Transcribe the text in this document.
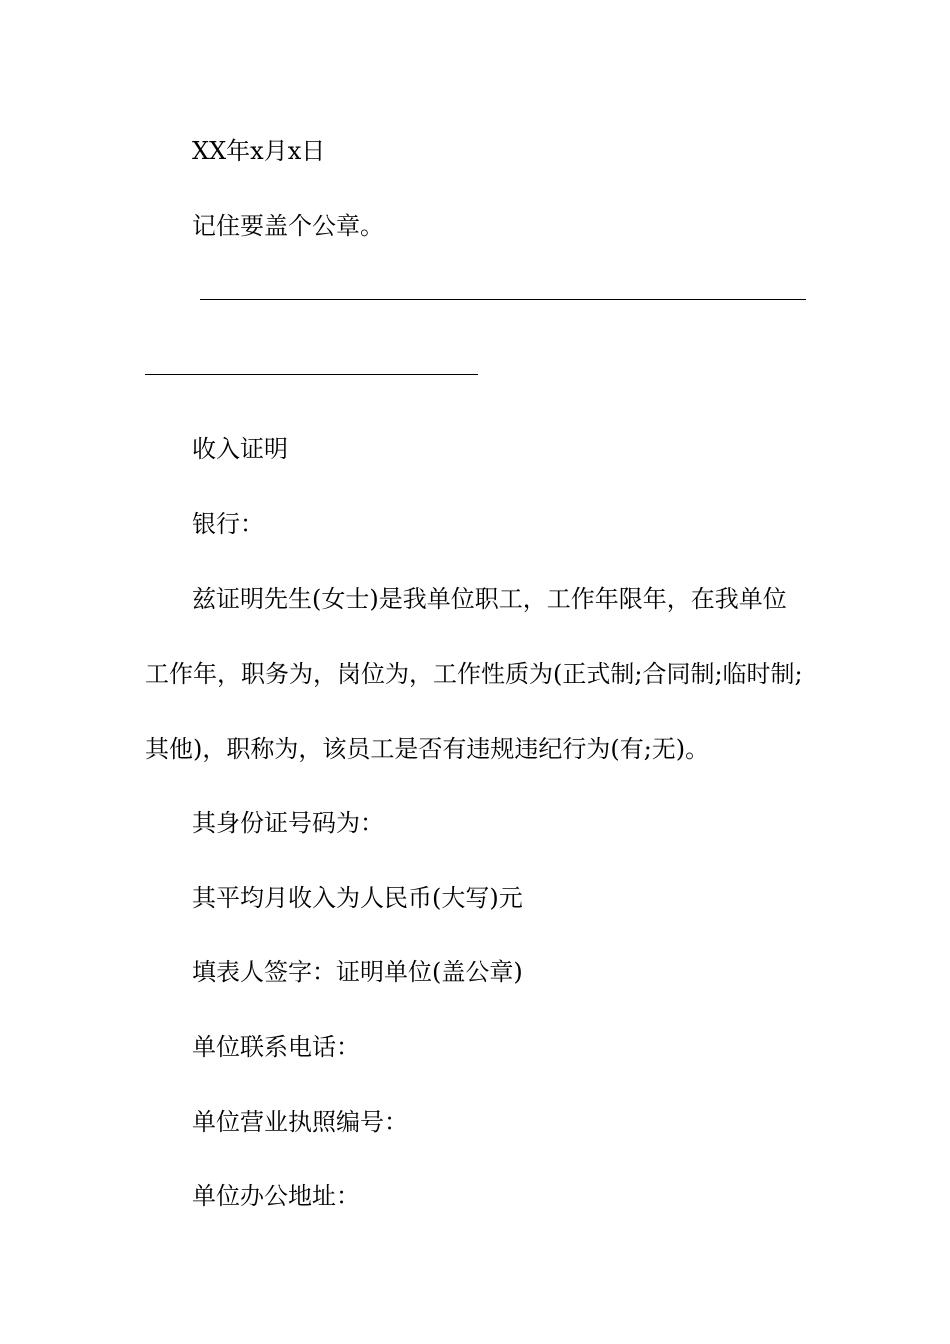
XX年x月x日
记住要盖个公章。
收入证明
银行：
兹证明先生(女士)是我单位职工，工作年限年，在我单位
工作年，职务为，岗位为，工作性质为(正式制;合同制;临时制;
其他)，职称为，该员工是否有违规违纪行为(有;无)。
其身份证号码为：
其平均月收入为人民币(大写)元
填表人签字：证明单位(盖公章)
单位联系电话：
单位营业执照编号：
单位办公地址：
